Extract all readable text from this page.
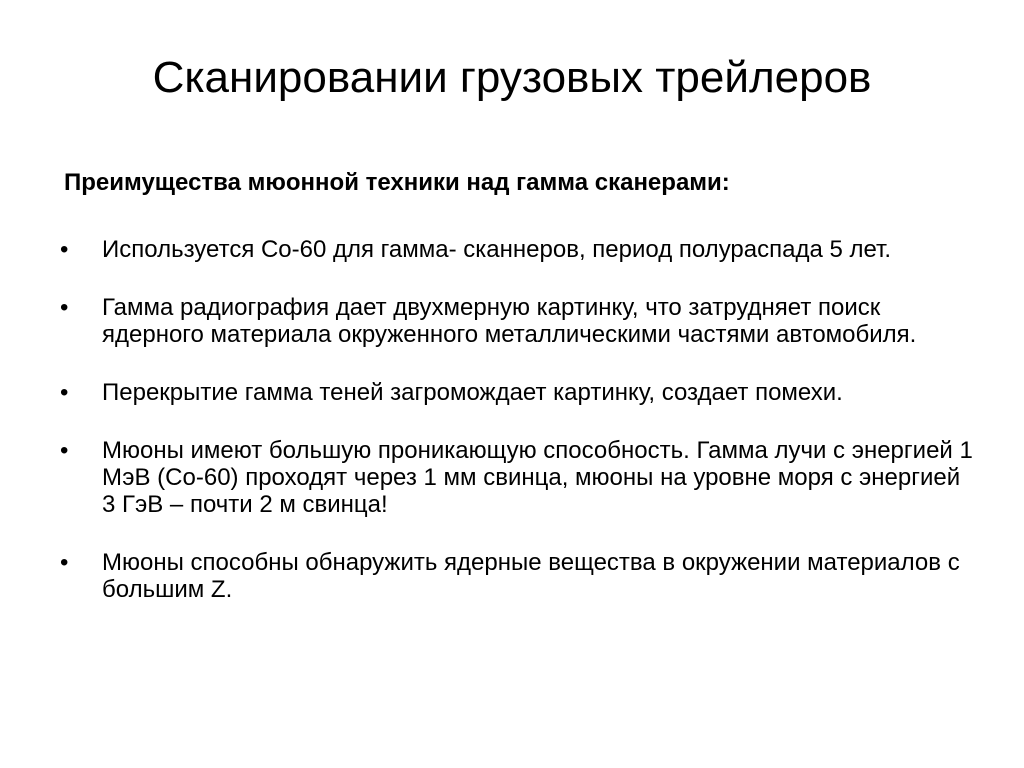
Сканировании грузовых трейлеров

Преимущества мюонной техники над гамма сканерами:

•	Используется Со-60 для гамма- сканнеров, период полураспада 5 лет.
•	Гамма радиография дает двухмерную картинку, что затрудняет поиск ядерного материала окруженного металлическими частями автомобиля.
•	Перекрытие гамма теней загромождает картинку, создает помехи.
•	Мюоны имеют большую проникающую способность. Гамма лучи с энергией 1 МэВ (Со-60) проходят через 1 мм свинца, мюоны на уровне моря с энергией 3 ГэВ – почти 2 м свинца!
•	Мюоны способны обнаружить ядерные вещества в окружении материалов с большим Z.
